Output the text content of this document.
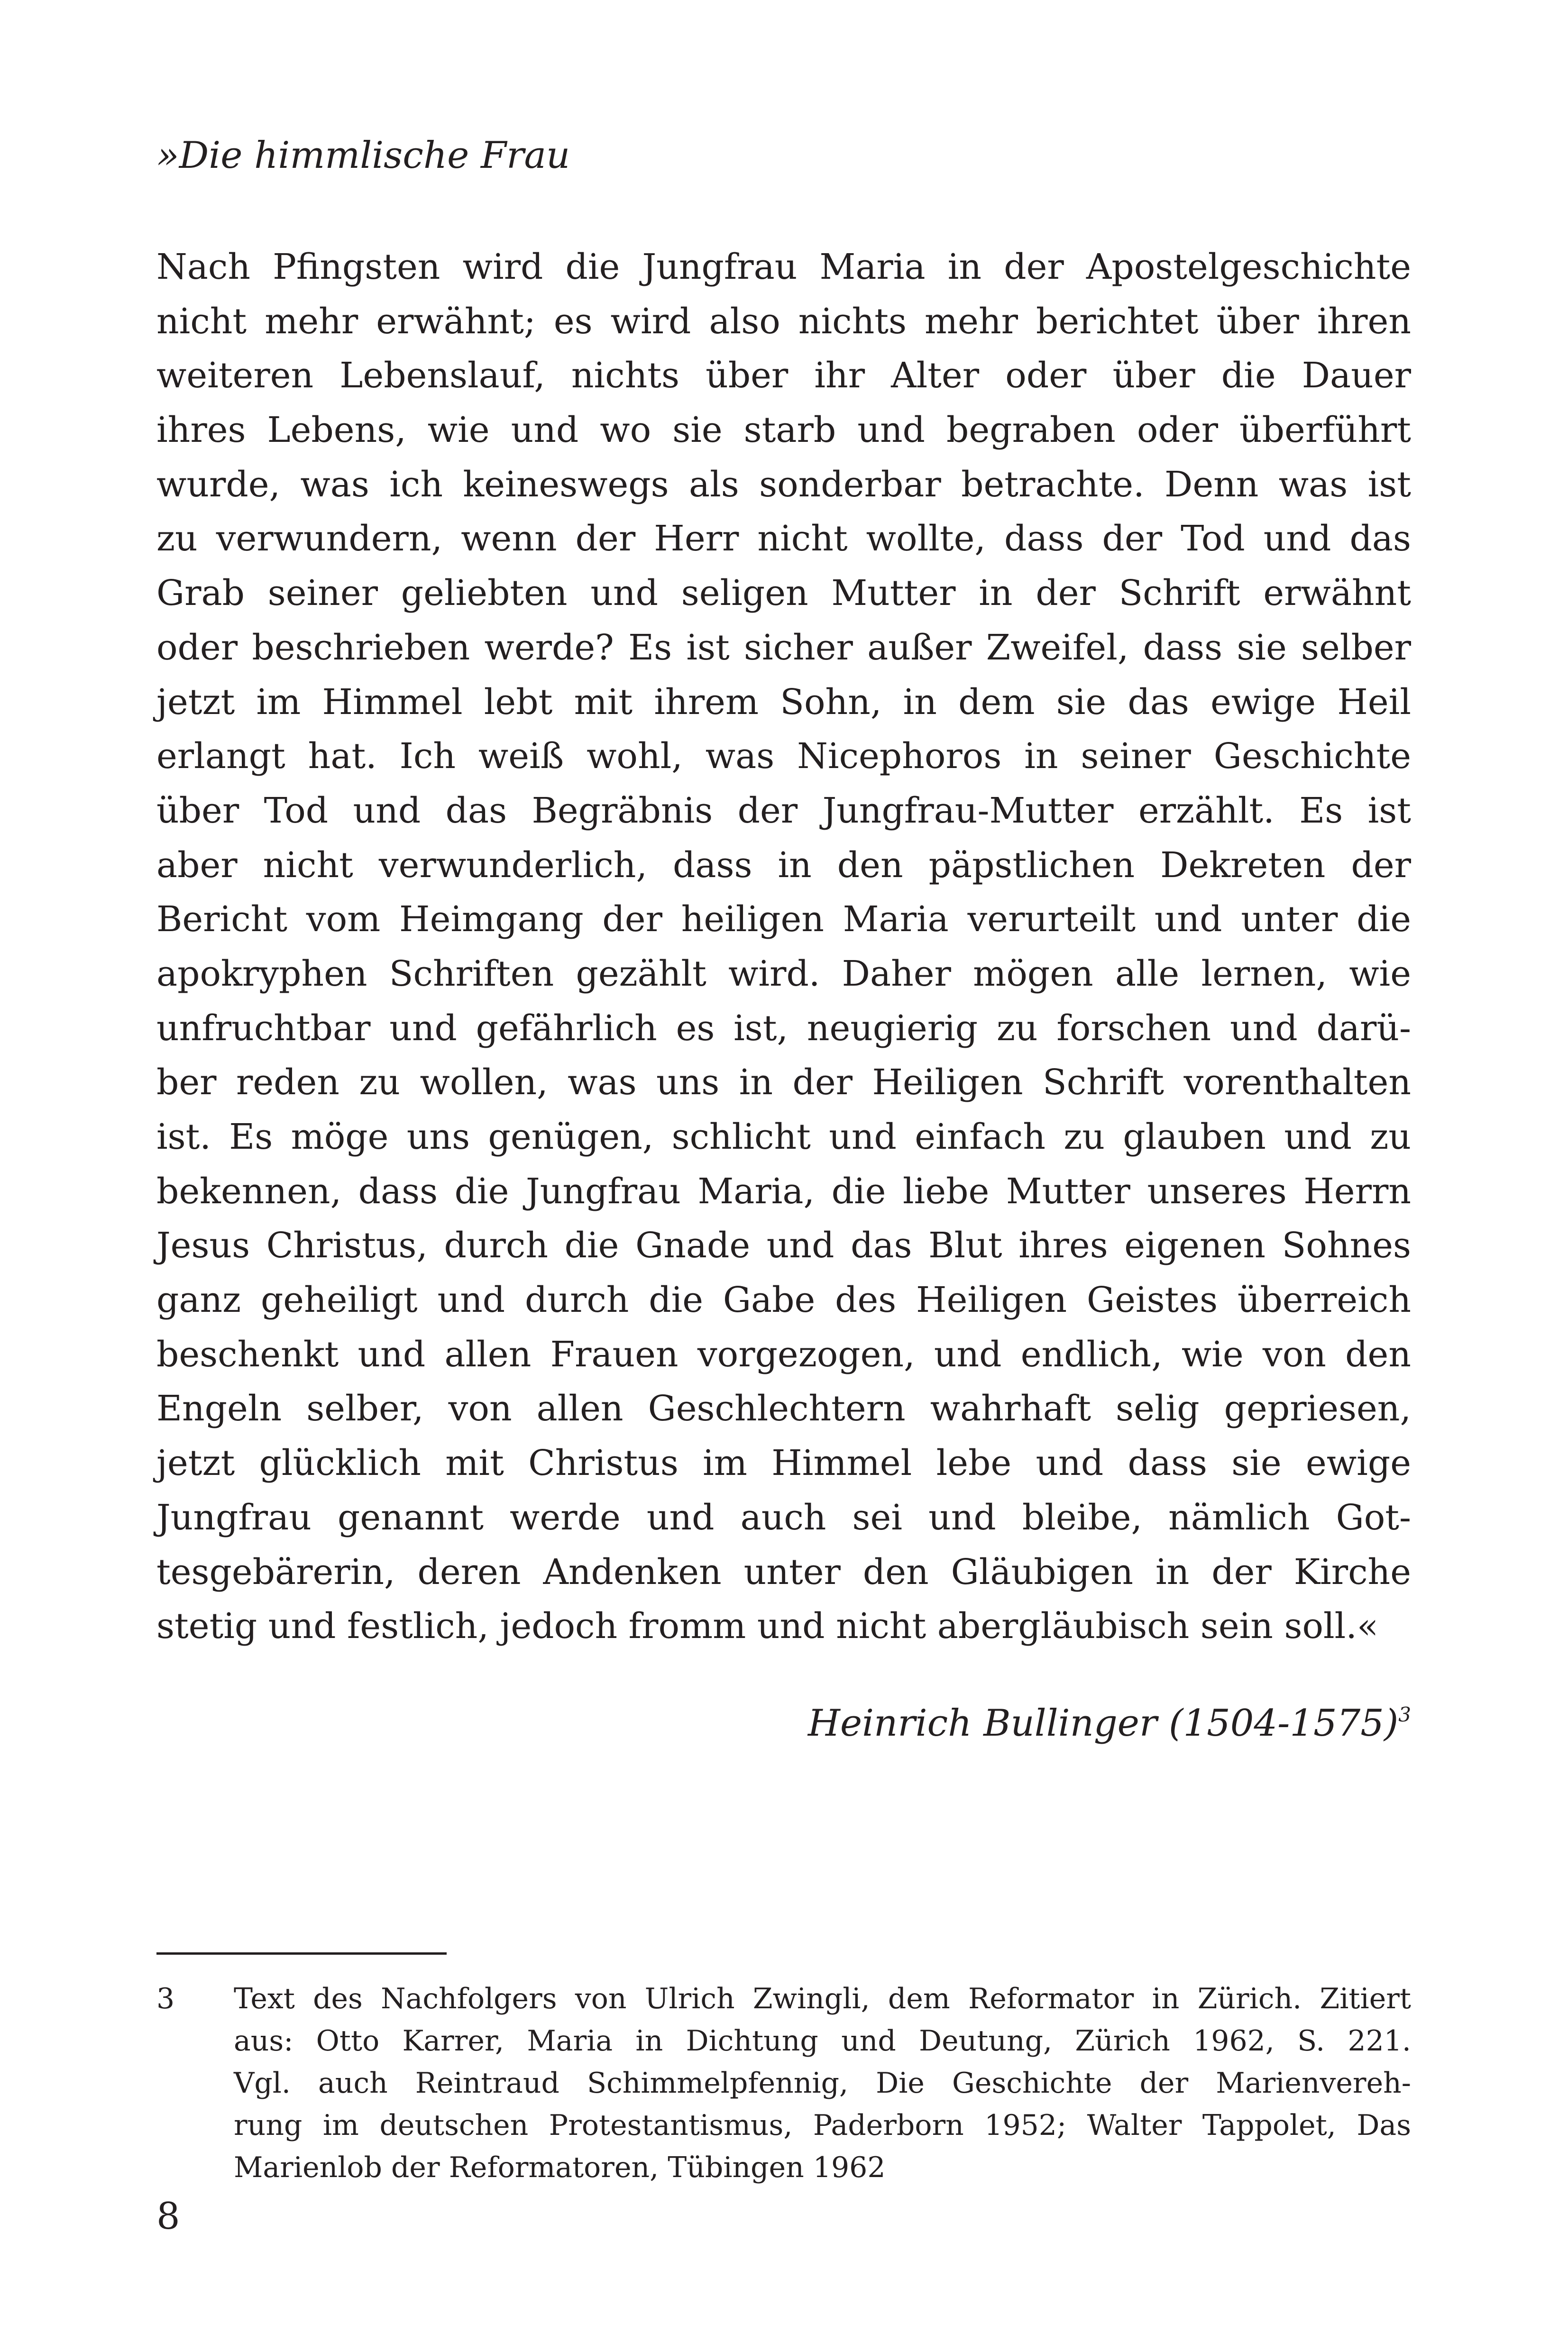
»Die himmlische Frau
Nach Pfingsten wird die Jungfrau Maria in der Apostelgeschichte
nicht mehr erwähnt; es wird also nichts mehr berichtet über ihren
weiteren Lebenslauf, nichts über ihr Alter oder über die Dauer
ihres Lebens, wie und wo sie starb und begraben oder überführt
wurde, was ich keineswegs als sonderbar betrachte. Denn was ist
zu verwundern, wenn der Herr nicht wollte, dass der Tod und das
Grab seiner geliebten und seligen Mutter in der Schrift erwähnt
oder beschrieben werde? Es ist sicher außer Zweifel, dass sie selber
jetzt im Himmel lebt mit ihrem Sohn, in dem sie das ewige Heil
erlangt hat. Ich weiß wohl, was Nicephoros in seiner Geschichte
über Tod und das Begräbnis der Jungfrau-Mutter erzählt. Es ist
aber nicht verwunderlich, dass in den päpstlichen Dekreten der
Bericht vom Heimgang der heiligen Maria verurteilt und unter die
apokryphen Schriften gezählt wird. Daher mögen alle lernen, wie
unfruchtbar und gefährlich es ist, neugierig zu forschen und darü-
ber reden zu wollen, was uns in der Heiligen Schrift vorenthalten
ist. Es möge uns genügen, schlicht und einfach zu glauben und zu
bekennen, dass die Jungfrau Maria, die liebe Mutter unseres Herrn
Jesus Christus, durch die Gnade und das Blut ihres eigenen Sohnes
ganz geheiligt und durch die Gabe des Heiligen Geistes überreich
beschenkt und allen Frauen vorgezogen, und endlich, wie von den
Engeln selber, von allen Geschlechtern wahrhaft selig gepriesen,
jetzt glücklich mit Christus im Himmel lebe und dass sie ewige
Jungfrau genannt werde und auch sei und bleibe, nämlich Got-
tesgebärerin, deren Andenken unter den Gläubigen in der Kirche
stetig und festlich, jedoch fromm und nicht abergläubisch sein soll.«
Heinrich Bullinger (1504-1575)$^3$
3 Text des Nachfolgers von Ulrich Zwingli, dem Reformator in Zürich. Zitiert
aus: Otto Karrer, Maria in Dichtung und Deutung, Zürich 1962, S. 221.
Vgl. auch Reintraud Schimmelpfennig, Die Geschichte der Marienvereh-
rung im deutschen Protestantismus, Paderborn 1952; Walter Tappolet, Das
Marienlob der Reformatoren, Tübingen 1962
8
